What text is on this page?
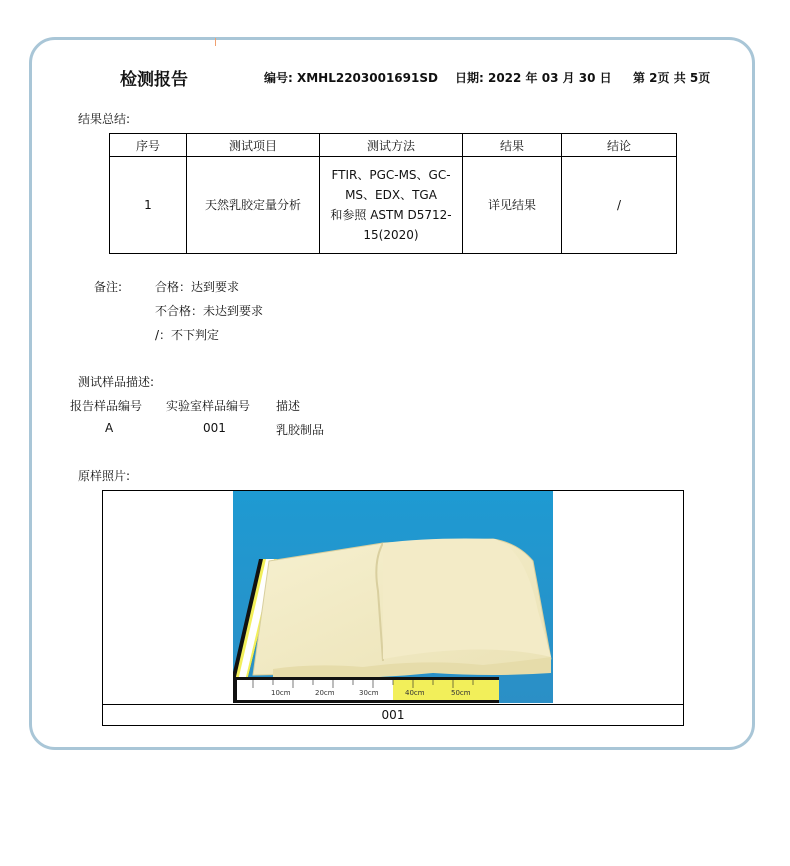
检测报告	编号: XMHL2203001691SD 日期: 2022 年 03 月 30 日 第 2页 共 5页
结果总结:
序号	测试项目	测试方法	结果	结论
1	天然乳胶定量分析	FTIR、PGC-MS、GC-
MS、EDX、TGA
和参照 ASTM D5712-
15(2020)	详见结果	/
备注:	合格：达到要求
不合格：未达到要求
/：不下判定
测试样品描述:
报告样品编号 实验室样品编号 描述
A	001	乳胶制品
原样照片:
10cm	20cm	30cm	40cm	50cm
001
